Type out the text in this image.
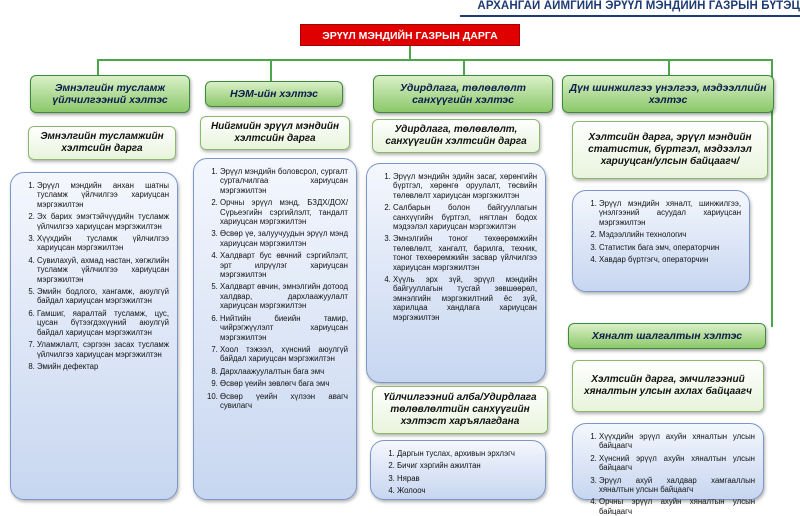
АРХАНГАЙ АЙМГИЙН ЭРҮҮЛ МЭНДИЙН ГАЗРЫН БҮТЭЦ
ЭРҮҮЛ МЭНДИЙН ГАЗРЫН ДАРГА
Эмнэлгийн тусламж үйлчилгээний хэлтэс
Эмнэлгийн тусламжийн хэлтсийн дарга
1. Эрүүл мэндийн анхан шатны тусламж үйлчилгээ хариуцсан мэргэжилтэн
2. Эх барих эмэгтэйчүүдийн тусламж үйлчилгээ хариуцсан мэргэжилтэн
3. Хүүхдийн тусламж үйлчилгээ хариуцсан мэргэжилтэн
4. Сувилахуй, ахмад настан, хөгжлийн тусламж үйлчилгээ хариуцсан мэргэжилтэн
5. Эмийн бодлого, хангамж, аюулгүй байдал хариуцсан мэргэжилтэн
6. Гамшиг, яаралтай тусламж, цус, цусан бүтээгдэхүүний аюулгүй байдал хариуцсан мэргэжилтэн
7. Уламжлалт, сэргээн засах тусламж үйлчилгээ хариуцсан мэргэжилтэн
8. Эмийн дефектар
НЭМ-ийн хэлтэс
Нийгмийн эрүүл мэндийн хэлтсийн дарга
1. Эрүүл мэндийн боловсрол, сургалт сурталчилгаа хариуцсан мэргэжилтэн
2. Орчны эрүүл мэнд, БЗДХ/ДОХ/ Сүрьеэгийн сэргийлэлт, тандалт хариуцсан мэргэжилтэн
3. Өсвөр үе, залуучуудын эрүүл мэнд хариуцсан мэргэжилтэн
4. Халдварт бус өвчний сэргийлэлт, эрт илрүүлэг хариуцсан мэргэжилтэн
5. Халдварт өвчин, эмнэлгийн дотоод халдвар, дархлаажуулалт хариуцсан мэргэжилтэн
6. Нийтийн биеийн тамир, чийрэгжүүлэлт хариуцсан мэргэжилтэн
7. Хоол тэжээл, хүнсний аюулгүй байдал хариуцсан мэргэжилтэн
8. Дархлаажуулалтын бага эмч
9. Өсвөр үеийн зөвлөгч бага эмч
10. Өсвөр үеийн хүлээн авагч сувилагч
Удирдлага, төлөвлөлт санхүүгийн хэлтэс
Удирдлага, төлөвлөлт, санхүүгийн хэлтсийн дарга
1. Эрүүл мэндийн эдийн засаг, хөрөнгийн бүртгэл, хөрөнгө оруулалт, төсвийн төлөвлөлт хариуцсан мэргэжилтэн
2. Салбарын болон байгууллагын санхүүгийн бүртгэл, нягтлан бодох мэдээлэл хариуцсан мэргэжилтэн
3. Эмнэлгийн тоног төхөөрөмжийн төлөвлөлт, хангалт, барилга, техник, тоног төхөөрөмжийн засвар үйлчилгээ хариуцсан мэргэжилтэн
4. Хүүль эрх зүй, эрүүл мэндийн байгууллагын тусгай зөвшөөрөл, эмнэлгийн мэргэжилтний ёс зүй, харилцаа хандлага хариуцсан мэргэжилтэн
Үйлчилгээний алба/Удирдлага төлөвлөлтийн санхүүгийн хэлтэст харъялагдана
1. Даргын туслах, архивын эрхлэгч
2. Бичиг хэргийн ажилтан
3. Нярав
4. Жолооч
Дүн шинжилгээ үнэлгээ, мэдээллийн хэлтэс
Хэлтсийн дарга, эрүүл мэндийн статистик, бүртгэл, мэдээлэл хариуцсан/улсын байцаагч/
1. Эрүүл мэндийн хяналт, шинжилгээ, үнэлгээний асуудал хариуцсан мэргэжилтэн
2. Мэдээллийн технологич
3. Статистик бага эмч, операторчин
4. Хавдар бүртгэгч, операторчин
Хяналт шалгалтын хэлтэс
Хэлтсийн дарга, эмчилгээний хяналтын улсын ахлах байцаагч
1. Хүүхдийн эрүүл ахуйн хяналтын улсын байцаагч
2. Хүнсний эрүүл ахуйн хяналтын улсын байцаагч
3. Эрүүл ахуй халдвар хамгааллын хяналтын улсын байцаагч
4. Орчны эрүүл ахуйн хяналтын улсын байцаагч
